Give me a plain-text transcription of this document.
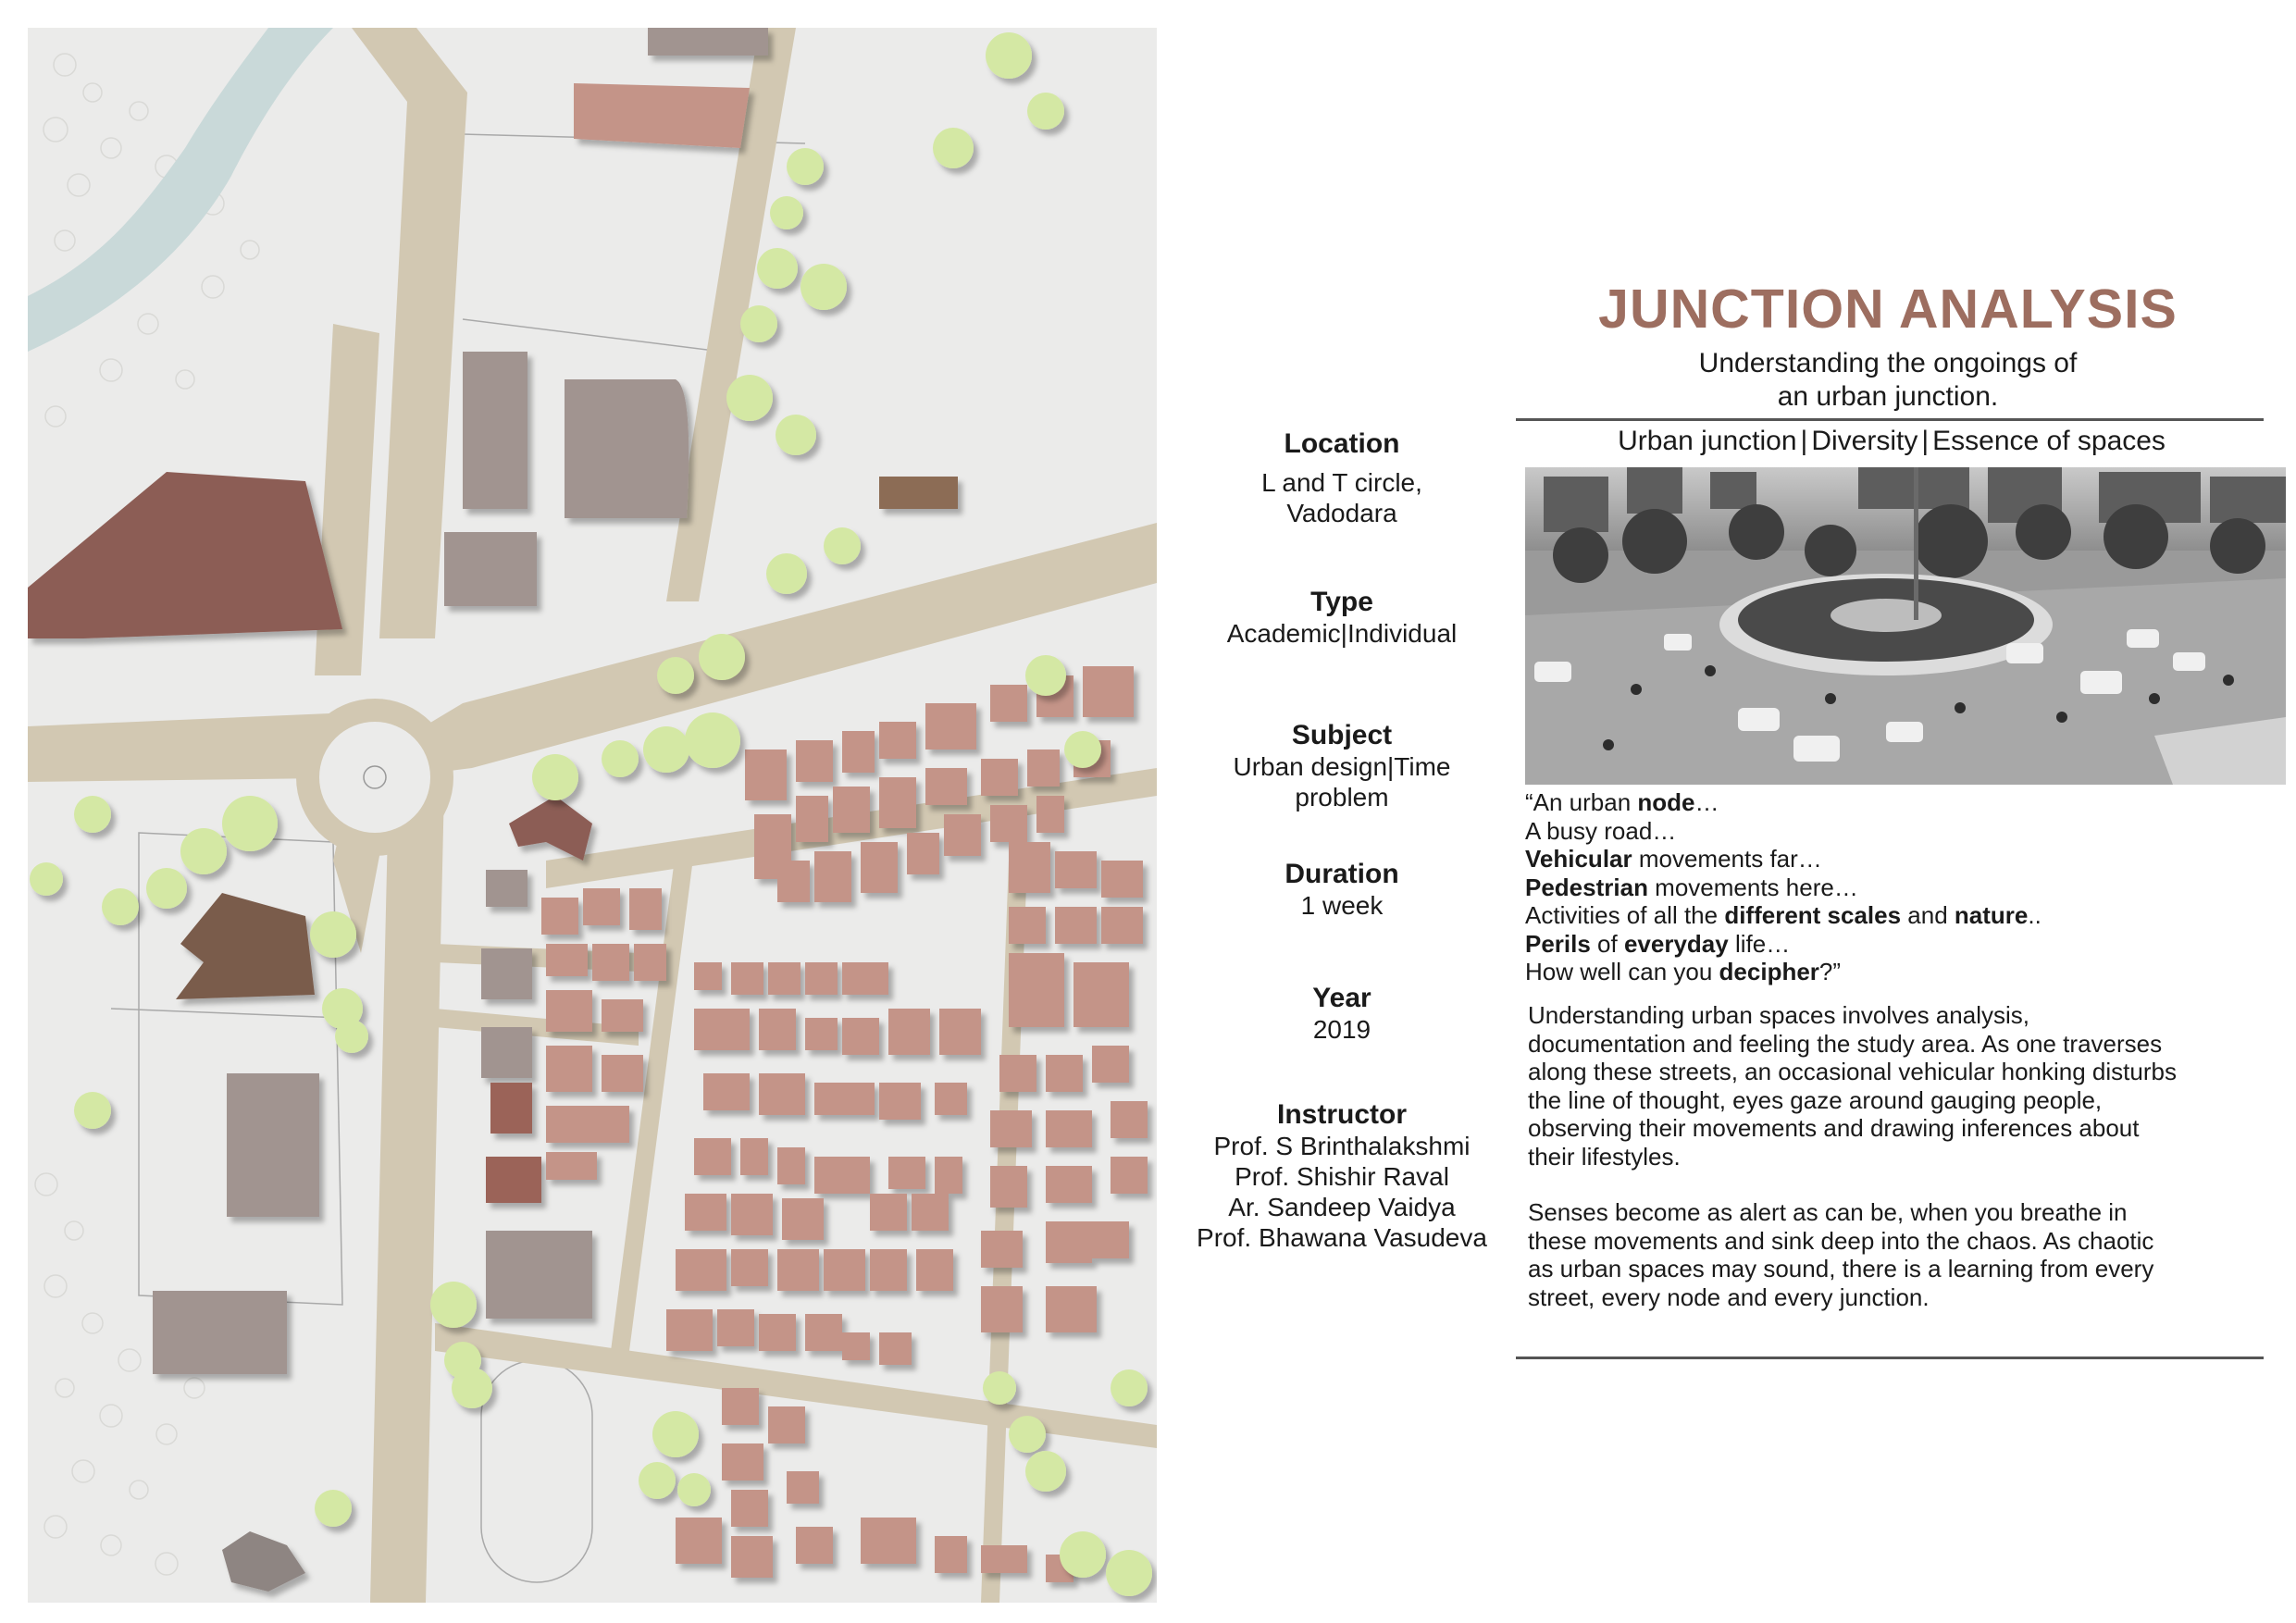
JUNCTION ANALYSIS
Understanding the ongoings of
an urban junction.
Urban junction | Diversity | Essence of spaces
Location
L and T circle,
Vadodara
Type
Academic|Individual
Subject
Urban design|Time
problem
Duration
1 week
Year
2019
Instructor
Prof. S Brinthalakshmi
Prof. Shishir Raval
Ar. Sandeep Vaidya
Prof. Bhawana Vasudeva
“An urban node…
A busy road…
Vehicular movements far…
Pedestrian movements here…
Activities of all the different scales and nature..
Perils of everyday life…
How well can you decipher?”
Understanding urban spaces involves analysis,
documentation and feeling the study area. As one traverses
along these streets, an occasional vehicular honking disturbs
the line of thought, eyes gaze around gauging people,
observing their movements and drawing inferences about
their lifestyles.
Senses become as alert as can be, when you breathe in
these movements and sink deep into the chaos. As chaotic
as urban spaces may sound, there is a learning from every
street, every node and every junction.
